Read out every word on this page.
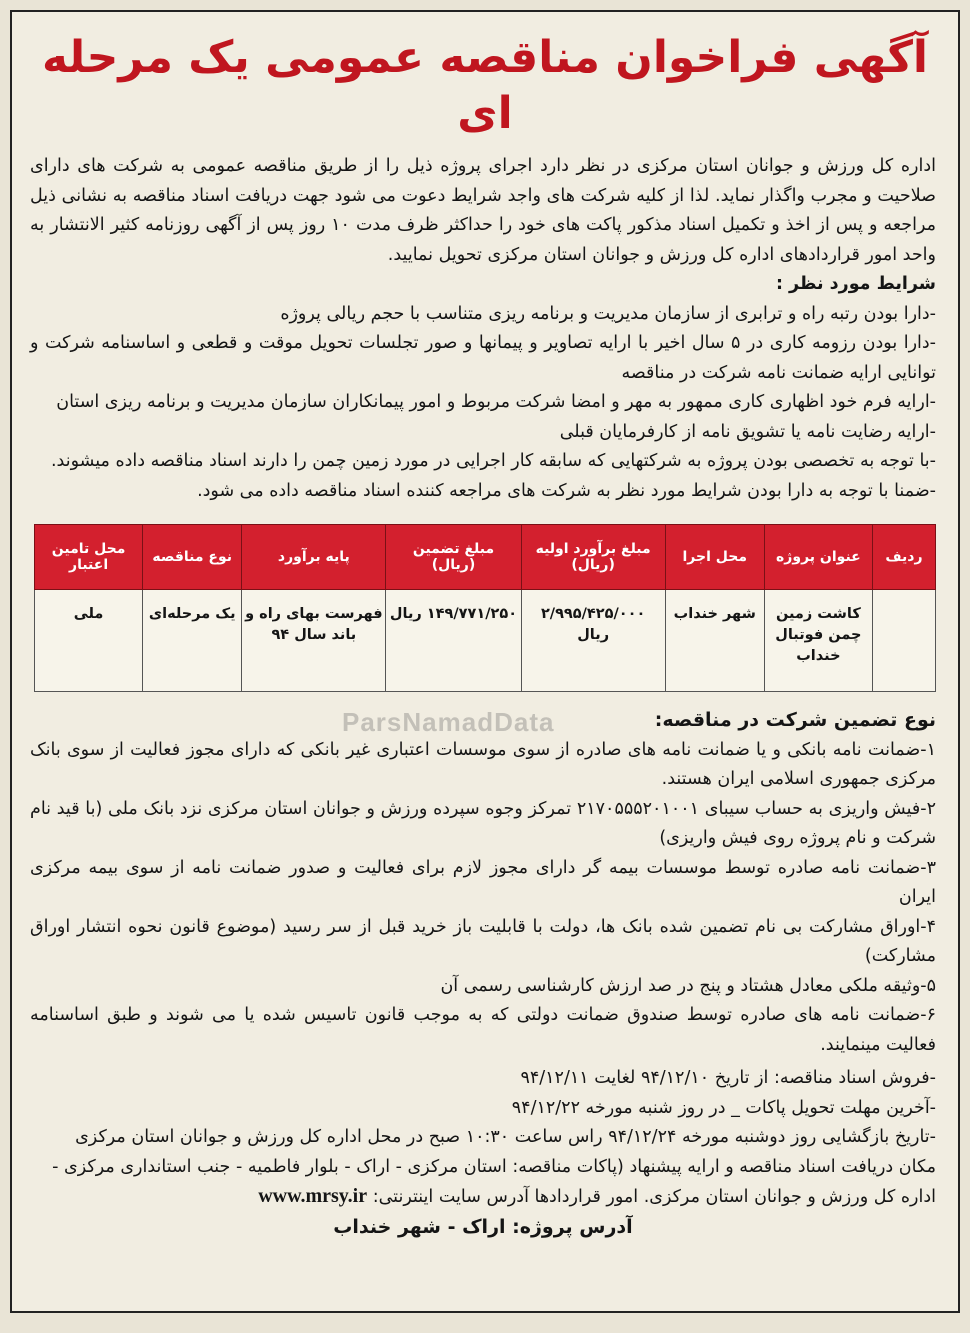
آگهی فراخوان مناقصه عمومی یک مرحله ای

اداره کل ورزش و جوانان استان مرکزی در نظر دارد اجرای پروژه ذیل را از طریق مناقصه عمومی به شرکت های دارای صلاحیت و مجرب واگذار نماید. لذا از کلیه شرکت های واجد شرایط دعوت می شود جهت دریافت اسناد مناقصه به نشانی ذیل مراجعه و پس از اخذ و تکمیل اسناد مذکور پاکت های خود را حداکثر ظرف مدت ۱۰ روز پس از آگهی روزنامه کثیر الانتشار به واحد امور قراردادهای اداره کل ورزش و جوانان استان مرکزی تحویل نمایید.

شرایط مورد نظر :

-دارا بودن رتبه راه و ترابری از سازمان مدیریت و برنامه ریزی متناسب با حجم ریالی پروژه
-دارا بودن رزومه کاری در ۵ سال اخیر با ارایه تصاویر و پیمانها و صور تجلسات تحویل موقت و قطعی و اساسنامه شرکت و توانایی ارایه ضمانت نامه شرکت در مناقصه
-ارایه فرم خود اظهاری کاری ممهور به مهر و امضا شرکت مربوط و امور پیمانکاران سازمان مدیریت و برنامه ریزی استان
-ارایه رضایت نامه یا تشویق نامه از کارفرمایان قبلی
-با توجه به تخصصی بودن پروژه به شرکتهایی که سابقه کار اجرایی در مورد زمین چمن را دارند اسناد مناقصه داده میشوند.
-ضمنا با توجه به دارا بودن شرایط مورد نظر به شرکت های مراجعه کننده اسناد مناقصه داده می شود.
ردیف	عنوان پروژه	محل اجرا	مبلغ برآورد اولیه (ریال)	مبلغ تضمین (ریال)	پایه برآورد	نوع مناقصه	محل تامین اعتبار
	کاشت زمین چمن فوتبال خنداب	شهر خنداب	۲/۹۹۵/۴۲۵/۰۰۰ ریال	۱۴۹/۷۷۱/۲۵۰ ریال	فهرست بهای راه و باند سال ۹۴	یک مرحله‌ای	ملی
ParsNamadData	نوع تضمین شرکت در مناقصه:
۱-ضمانت نامه بانکی و یا ضمانت نامه های صادره از سوی موسسات اعتباری غیر بانکی که دارای مجوز فعالیت از سوی بانک مرکزی جمهوری اسلامی ایران هستند.
۲-فیش واریزی به حساب سیبای ۲۱۷۰۵۵۵۲۰۱۰۰۱ تمرکز وجوه سپرده ورزش و جوانان استان مرکزی نزد بانک ملی (با قید نام شرکت و نام پروژه روی فیش واریزی)
۳-ضمانت نامه صادره توسط موسسات بیمه گر دارای مجوز لازم برای فعالیت و صدور ضمانت نامه از سوی بیمه مرکزی ایران
۴-اوراق مشارکت بی نام تضمین شده بانک ها، دولت با قابلیت باز خرید قبل از سر رسید (موضوع قانون نحوه انتشار اوراق مشارکت)
۵-وثیقه ملکی معادل هشتاد و پنج در صد ارزش کارشناسی رسمی آن
۶-ضمانت نامه های صادره توسط صندوق ضمانت دولتی که به موجب قانون تاسیس شده یا می شوند و طبق اساسنامه فعالیت مینمایند.

-فروش اسناد مناقصه: از تاریخ ۹۴/۱۲/۱۰ لغایت ۹۴/۱۲/۱۱

-آخرین مهلت تحویل پاکات _ در روز شنبه مورخه ۹۴/۱۲/۲۲

-تاریخ بازگشایی روز دوشنبه مورخه ۹۴/۱۲/۲۴ راس ساعت ۱۰:۳۰ صبح در محل اداره کل ورزش و جوانان استان مرکزی

مکان دریافت اسناد مناقصه و ارایه پیشنهاد (پاکات مناقصه: استان مرکزی - اراک - بلوار فاطمیه - جنب استانداری مرکزی - اداره کل ورزش و جوانان استان مرکزی. امور قراردادها آدرس سایت اینترنتی: www.mrsy.ir

آدرس پروژه: اراک - شهر خنداب
